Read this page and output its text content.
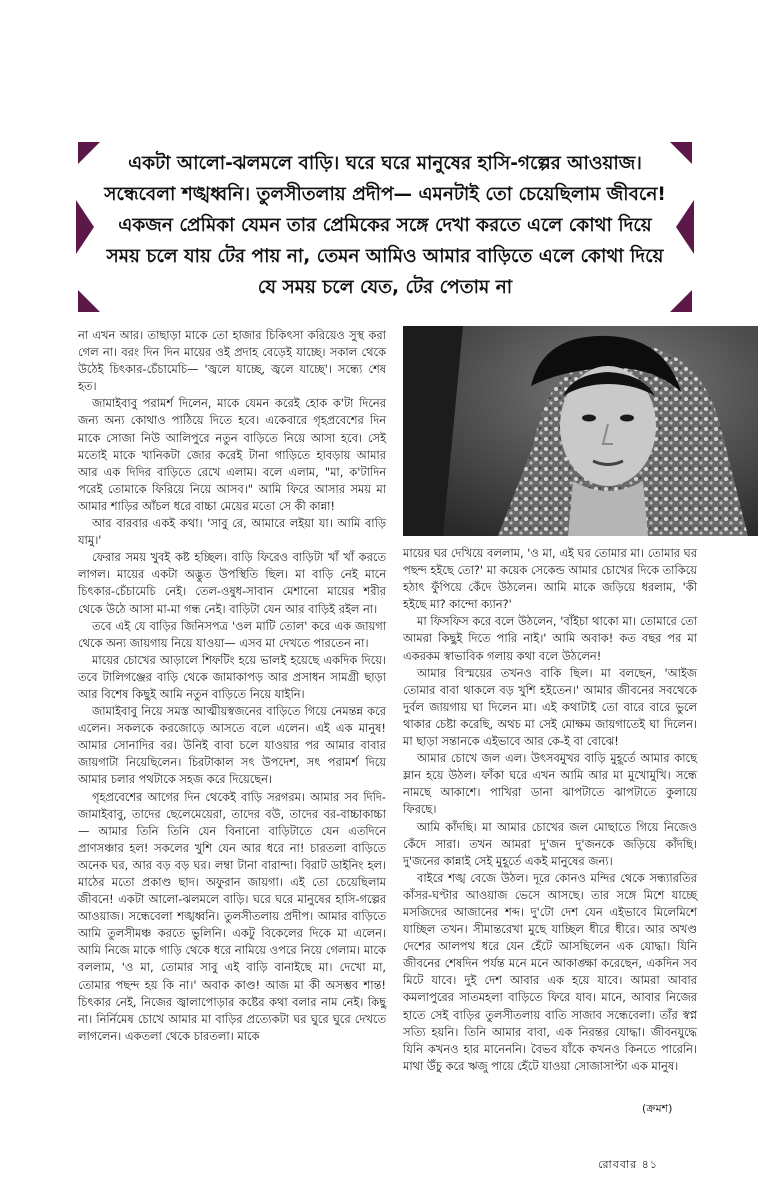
একটা আলো-ঝলমলে বাড়ি। ঘরে ঘরে মানুষের হাসি-গল্পের আওয়াজ। সন্ধেবেলা শঙ্খধ্বনি। তুলসীতলায় প্রদীপ— এমনটাই তো চেয়েছিলাম জীবনে! একজন প্রেমিকা যেমন তার প্রেমিকের সঙ্গে দেখা করতে এলে কোথা দিয়ে সময় চলে যায় টের পায় না, তেমন আমিও আমার বাড়িতে এলে কোথা দিয়ে যে সময় চলে যেত, টের পেতাম না

না এখন আর। তাছাড়া মাকে তো হাজার চিকিৎসা করিয়েও সুস্থ করা গেল না। বরং দিন দিন মায়ের ওই প্রদাহ বেড়েই যাচ্ছে। সকাল থেকে উঠেই চিৎকার-চেঁচামেচি— 'জ্বলে যাচ্ছে, জ্বলে যাচ্ছে'। সন্ধ্যে শেষ হত।

জামাইবাবু পরামর্শ দিলেন, মাকে যেমন করেই হোক ক'টা দিনের জন্য অন্য কোথাও পাঠিয়ে দিতে হবে। একেবারে গৃহপ্রবেশের দিন মাকে সোজা নিউ আলিপুরে নতুন বাড়িতে নিয়ে আসা হবে। সেই মতোই মাকে খানিকটা জোর করেই টানা গাড়িতে হাবড়ায় আমার আর এক দিদির বাড়িতে রেখে এলাম। বলে এলাম, "মা, ক'টাদিন পরেই তোমাকে ফিরিয়ে নিয়ে আসব।" আমি ফিরে আসার সময় মা আমার শাড়ির আঁচল ধরে বাচ্চা মেয়ের মতো সে কী কান্না!

আর বারবার একই কথা। 'সাবু রে, আমারে লইয়া যা। আমি বাড়ি যামু।'

ফেরার সময় খুবই কষ্ট হচ্ছিল। বাড়ি ফিরেও বাড়িটা খাঁ খাঁ করতে লাগল। মায়ের একটা অদ্ভুত উপস্থিতি ছিল। মা বাড়ি নেই মানে চিৎকার-চেঁচামেচি নেই। তেল-ওষুধ-সাবান মেশানো মায়ের শরীর থেকে উঠে আসা মা-মা গন্ধ নেই। বাড়িটা যেন আর বাড়িই রইল না।

তবে এই যে বাড়ির জিনিসপত্র 'ওল মাটি তোল' করে এক জায়গা থেকে অন্য জায়গায় নিয়ে যাওয়া— এসব মা দেখতে পারতেন না।

মায়ের চোখের আড়ালে শিফটিং হয়ে ভালই হয়েছে একদিক দিয়ে। তবে টালিগঞ্জের বাড়ি থেকে জামাকাপড় আর প্রসাধন সামগ্রী ছাড়া আর বিশেষ কিছুই আমি নতুন বাড়িতে নিয়ে যাইনি।

জামাইবাবু নিয়ে সমস্ত আত্মীয়স্বজনের বাড়িতে গিয়ে নেমন্তন্ন করে এলেন। সকলকে করজোড়ে আসতে বলে এলেন। এই এক মানুষ! আমার সোনাদির বর। উনিই বাবা চলে যাওয়ার পর আমার বাবার জায়গাটা নিয়েছিলেন। চিরটাকাল সৎ উপদেশ, সৎ পরামর্শ দিয়ে আমার চলার পথটাকে সহজ করে দিয়েছেন।

গৃহপ্রবেশের আগের দিন থেকেই বাড়ি সরগরম। আমার সব দিদি-জামাইবাবু, তাদের ছেলেমেয়েরা, তাদের বউ, তাদের বর-বাচ্চাকাচ্চা— আমার তিনি তিনি যেন বিনানো বাড়িটাতে যেন এতদিনে প্রাণসঞ্চার হল! সকলের খুশি যেন আর ধরে না! চারতলা বাড়িতে অনেক ঘর, আর বড় বড় ঘর। লম্বা টানা বারান্দা। বিরাট ডাইনিং হল। মাঠের মতো প্রকাণ্ড ছাদ। অফুরান জায়গা। এই তো চেয়েছিলাম জীবনে! একটা আলো-ঝলমলে বাড়ি। ঘরে ঘরে মানুষের হাসি-গল্পের আওয়াজ। সন্ধেবেলা শঙ্খধ্বনি। তুলসীতলায় প্রদীপ। আমার বাড়িতে আমি তুলসীমঞ্চ করতে ভুলিনি। একটু বিকেলের দিকে মা এলেন। আমি নিজে মাকে গাড়ি থেকে ধরে নামিয়ে ওপরে নিয়ে গেলাম। মাকে বললাম, 'ও মা, তোমার সাবু এই বাড়ি বানাইছে মা। দেখো মা, তোমার পছন্দ হয় কি না।' অবাক কাণ্ড! আজ মা কী অসম্ভব শান্ত! চিৎকার নেই, নিজের জ্বালাপোড়ার কষ্টের কথা বলার নাম নেই। কিছু না। নির্নিমেষ চোখে আমার মা বাড়ির প্রত্যেকটা ঘর ঘুরে ঘুরে দেখতে লাগলেন। একতলা থেকে চারতলা। মাকে

মায়ের ঘর দেখিয়ে বললাম, 'ও মা, এই ঘর তোমার মা। তোমার ঘর পছন্দ হইছে তো?' মা কয়েক সেকেন্ড আমার চোখের দিকে তাকিয়ে হঠাৎ ফুঁপিয়ে কেঁদে উঠলেন। আমি মাকে জড়িয়ে ধরলাম, 'কী হইছে মা? কান্দো ক্যান?'

মা ফিসফিস করে বলে উঠলেন, 'বাঁইচা থাকো মা। তোমারে তো আমরা কিছুই দিতে পারি নাই।' আমি অবাক! কত বছর পর মা একরকম স্বাভাবিক গলায় কথা বলে উঠলেন!

আমার বিস্ময়ের তখনও বাকি ছিল। মা বলছেন, 'আইজ তোমার বাবা থাকলে বড় খুশি হইতেন।' আমার জীবনের সবথেকে দুর্বল জায়গায় ঘা দিলেন মা। এই কথাটাই তো বারে বারে ভুলে থাকার চেষ্টা করেছি, অথচ মা সেই মোক্ষম জায়গাতেই ঘা দিলেন। মা ছাড়া সন্তানকে এইভাবে আর কে-ই বা বোঝে!

আমার চোখে জল এল। উৎসবমুখর বাড়ি মুহূর্তে আমার কাছে ম্লান হয়ে উঠল। ফাঁকা ঘরে এখন আমি আর মা মুখোমুখি। সন্ধে নামছে আকাশে। পাখিরা ডানা ঝাপটাতে ঝাপটাতে কুলায়ে ফিরছে।

আমি কাঁদছি। মা আমার চোখের জল মোছাতে গিয়ে নিজেও কেঁদে সারা। তখন আমরা দু'জন দু'জনকে জড়িয়ে কাঁদছি। দু'জনের কান্নাই সেই মুহূর্তে একই মানুষের জন্য।

বাইরে শঙ্খ বেজে উঠল। দূরে কোনও মন্দির থেকে সন্ধ্যারতির কাঁসর-ঘণ্টার আওয়াজ ভেসে আসছে। তার সঙ্গে মিশে যাচ্ছে মসজিদের আজানের শব্দ। দু'টো দেশ যেন এইভাবে মিলেমিশে যাচ্ছিল তখন। সীমান্তরেখা মুছে যাচ্ছিল ধীরে ধীরে। আর অখণ্ড দেশের আলপথ ধরে যেন হেঁটে আসছিলেন এক যোদ্ধা। যিনি জীবনের শেষদিন পর্যন্ত মনে মনে আকাঙ্ক্ষা করেছেন, একদিন সব মিটে যাবে। দুই দেশ আবার এক হয়ে যাবে। আমরা আবার কমলাপুরের সাতমহলা বাড়িতে ফিরে যাব। মানে, আবার নিজের হাতে সেই বাড়ির তুলসীতলায় বাতি সাজাব সন্ধেবেলা। তাঁর স্বপ্ন সত্যি হয়নি। তিনি আমার বাবা, এক নিরন্তর যোদ্ধা। জীবনযুদ্ধে যিনি কখনও হার মানেননি। বৈভব যাঁকে কখনও কিনতে পারেনি। মাথা উঁচু করে ঋজু পায়ে হেঁটে যাওয়া সোজাসাপ্টা এক মানুষ।

(ক্রমশ)
রোববার ৪১
